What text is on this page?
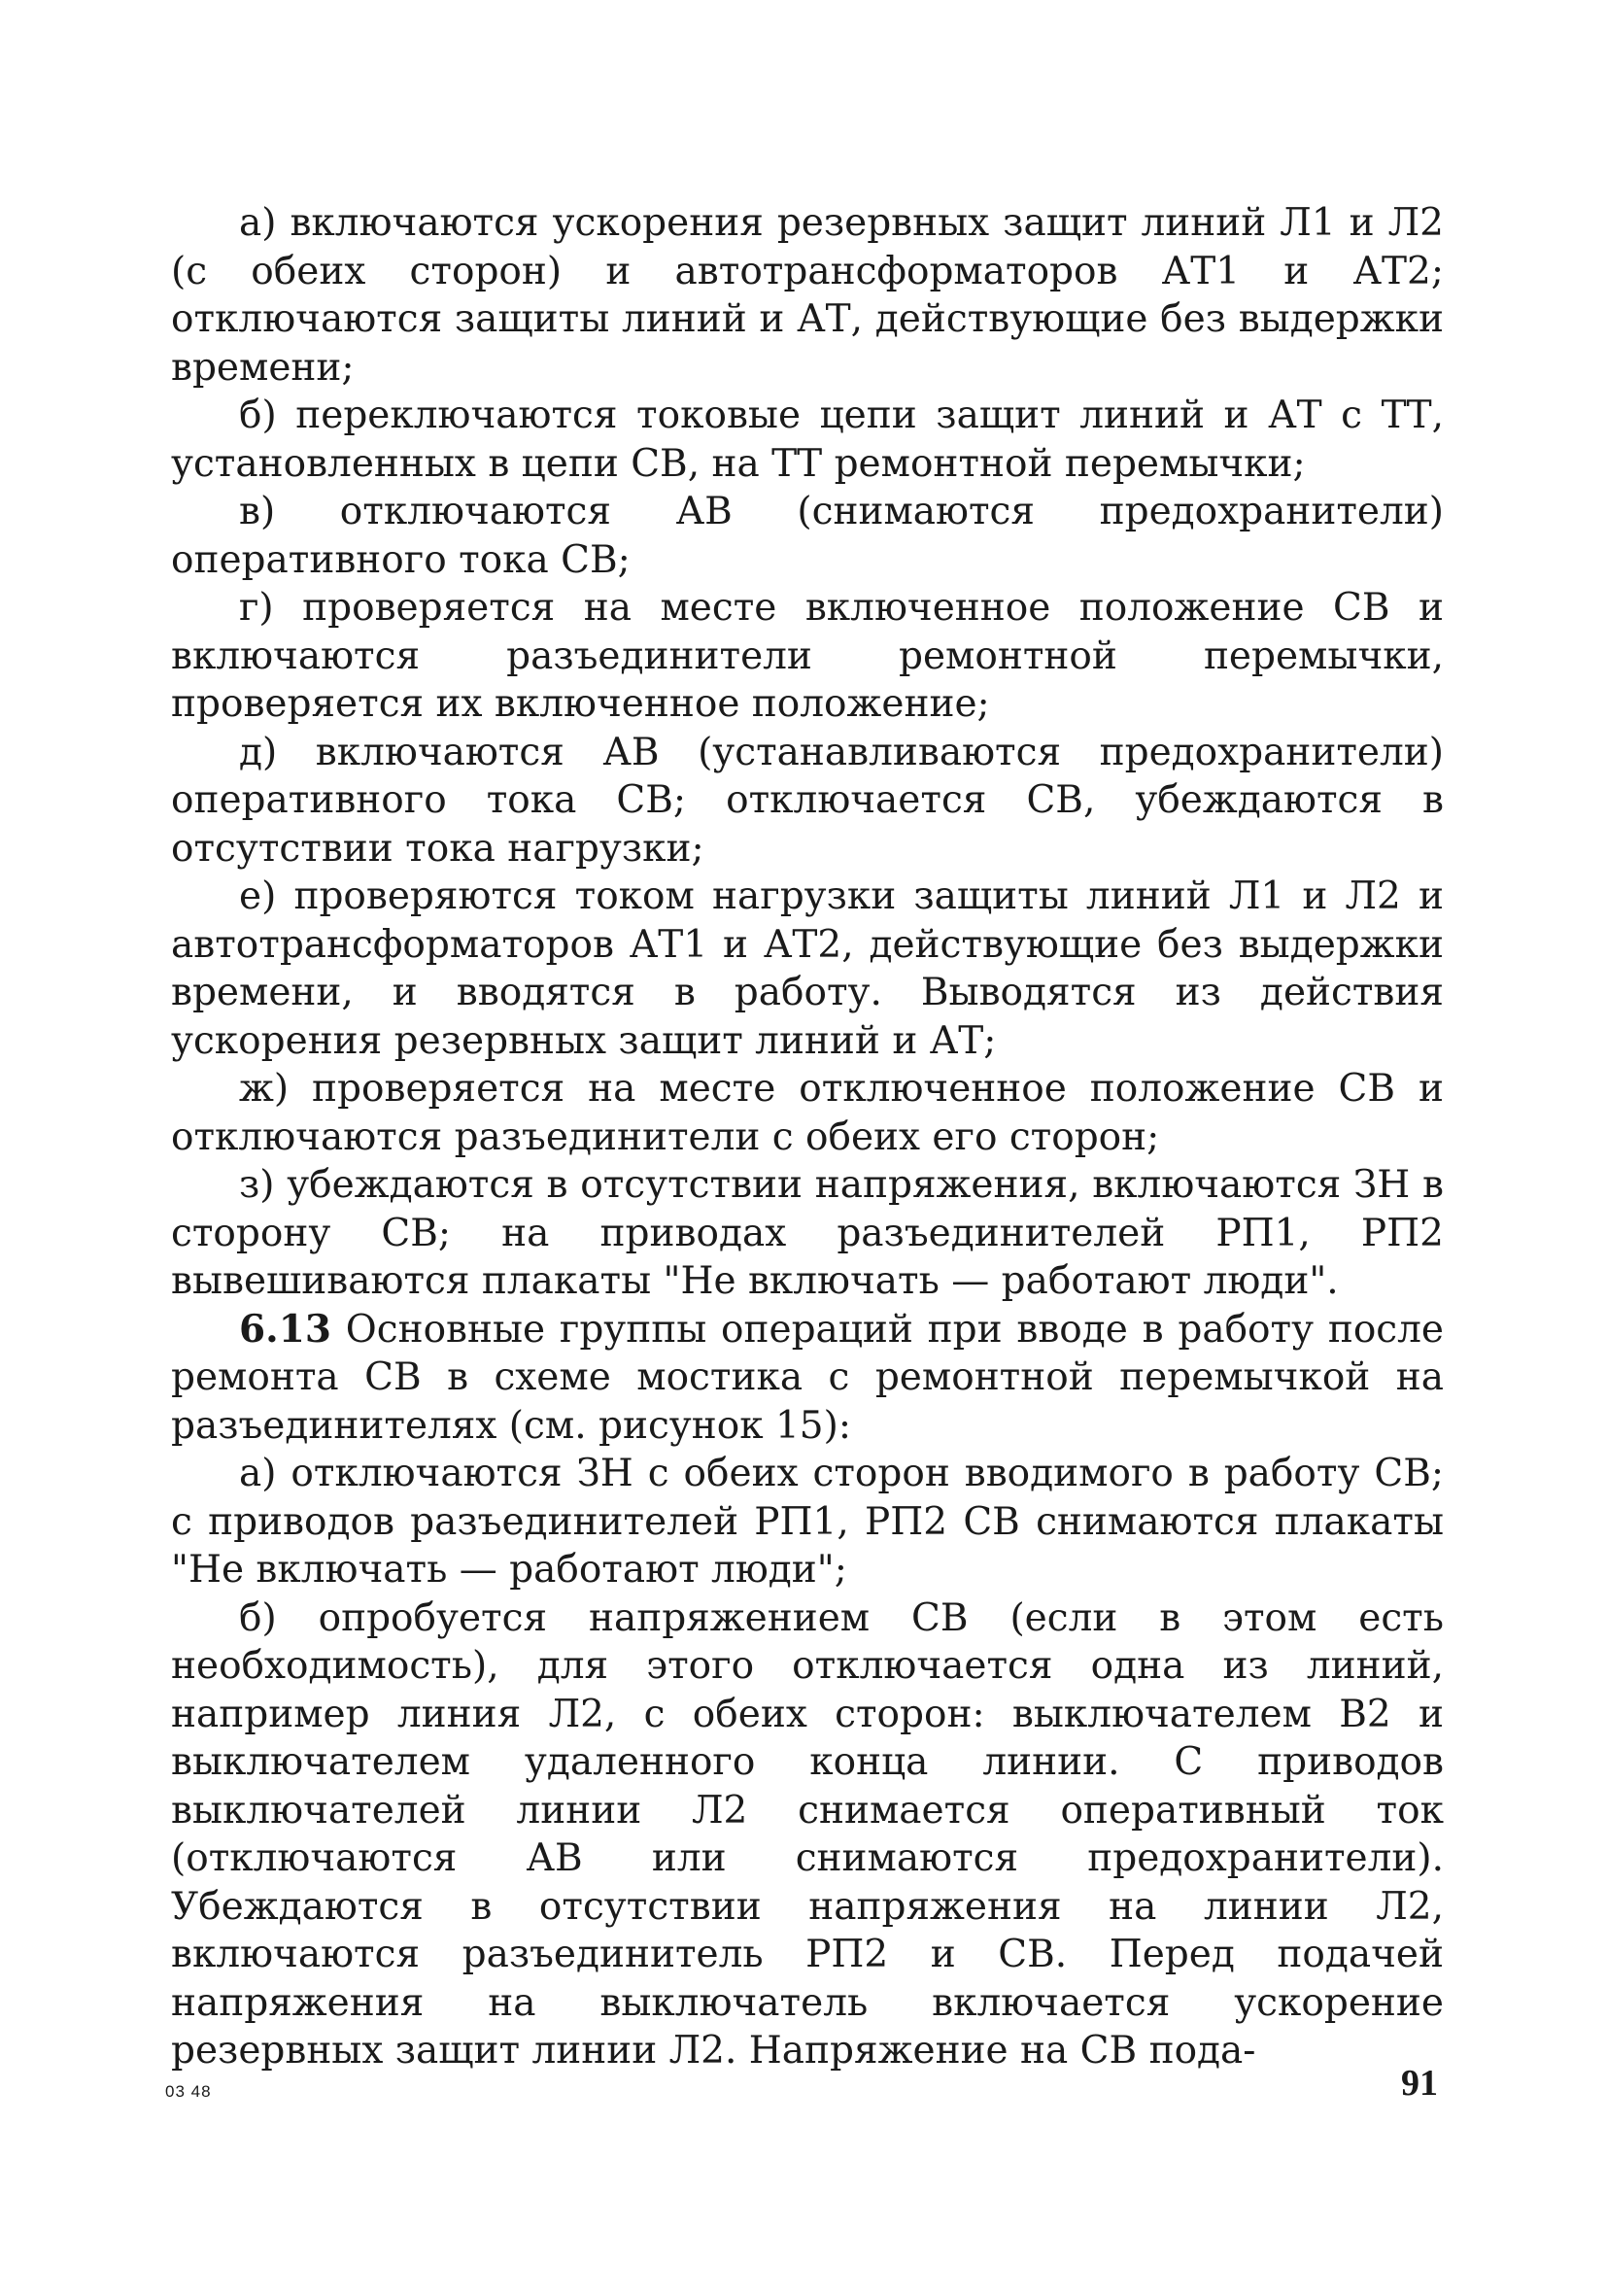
а) включаются ускорения резервных защит линий Л1 и Л2 (с обеих сторон) и автотрансформаторов АТ1 и АТ2; отключаются защиты линий и АТ, действующие без выдержки времени;

б) переключаются токовые цепи защит линий и АТ с ТТ, установленных в цепи СВ, на ТТ ремонтной перемычки;

в) отключаются АВ (снимаются предохранители) оперативного тока СВ;

г) проверяется на месте включенное положение СВ и включаются разъединители ремонтной перемычки, проверяется их включенное положение;

д) включаются АВ (устанавливаются предохранители) оперативного тока СВ; отключается СВ, убеждаются в отсутствии тока нагрузки;

е) проверяются током нагрузки защиты линий Л1 и Л2 и автотрансформаторов АТ1 и АТ2, действующие без выдержки времени, и вводятся в работу. Выводятся из действия ускорения резервных защит линий и АТ;

ж) проверяется на месте отключенное положение СВ и отключаются разъединители с обеих его сторон;

з) убеждаются в отсутствии напряжения, включаются ЗН в сторону СВ; на приводах разъединителей РП1, РП2 вывешиваются плакаты "Не включать — работают люди".

6.13 Основные группы операций при вводе в работу после ремонта СВ в схеме мостика с ремонтной перемычкой на разъединителях (см. рисунок 15):

а) отключаются ЗН с обеих сторон вводимого в работу СВ; с приводов разъединителей РП1, РП2 СВ снимаются плакаты "Не включать — работают люди";

б) опробуется напряжением СВ (если в этом есть необходимость), для этого отключается одна из линий, например линия Л2, с обеих сторон: выключателем В2 и выключателем удаленного конца линии. С приводов выключателей линии Л2 снимается оперативный ток (отключаются АВ или снимаются предохранители). Убеждаются в отсутствии напряжения на линии Л2, включаются разъединитель РП2 и СВ. Перед подачей напряжения на выключатель включается ускорение резервных защит линии Л2. Напряжение на СВ пода-

03 48	91
